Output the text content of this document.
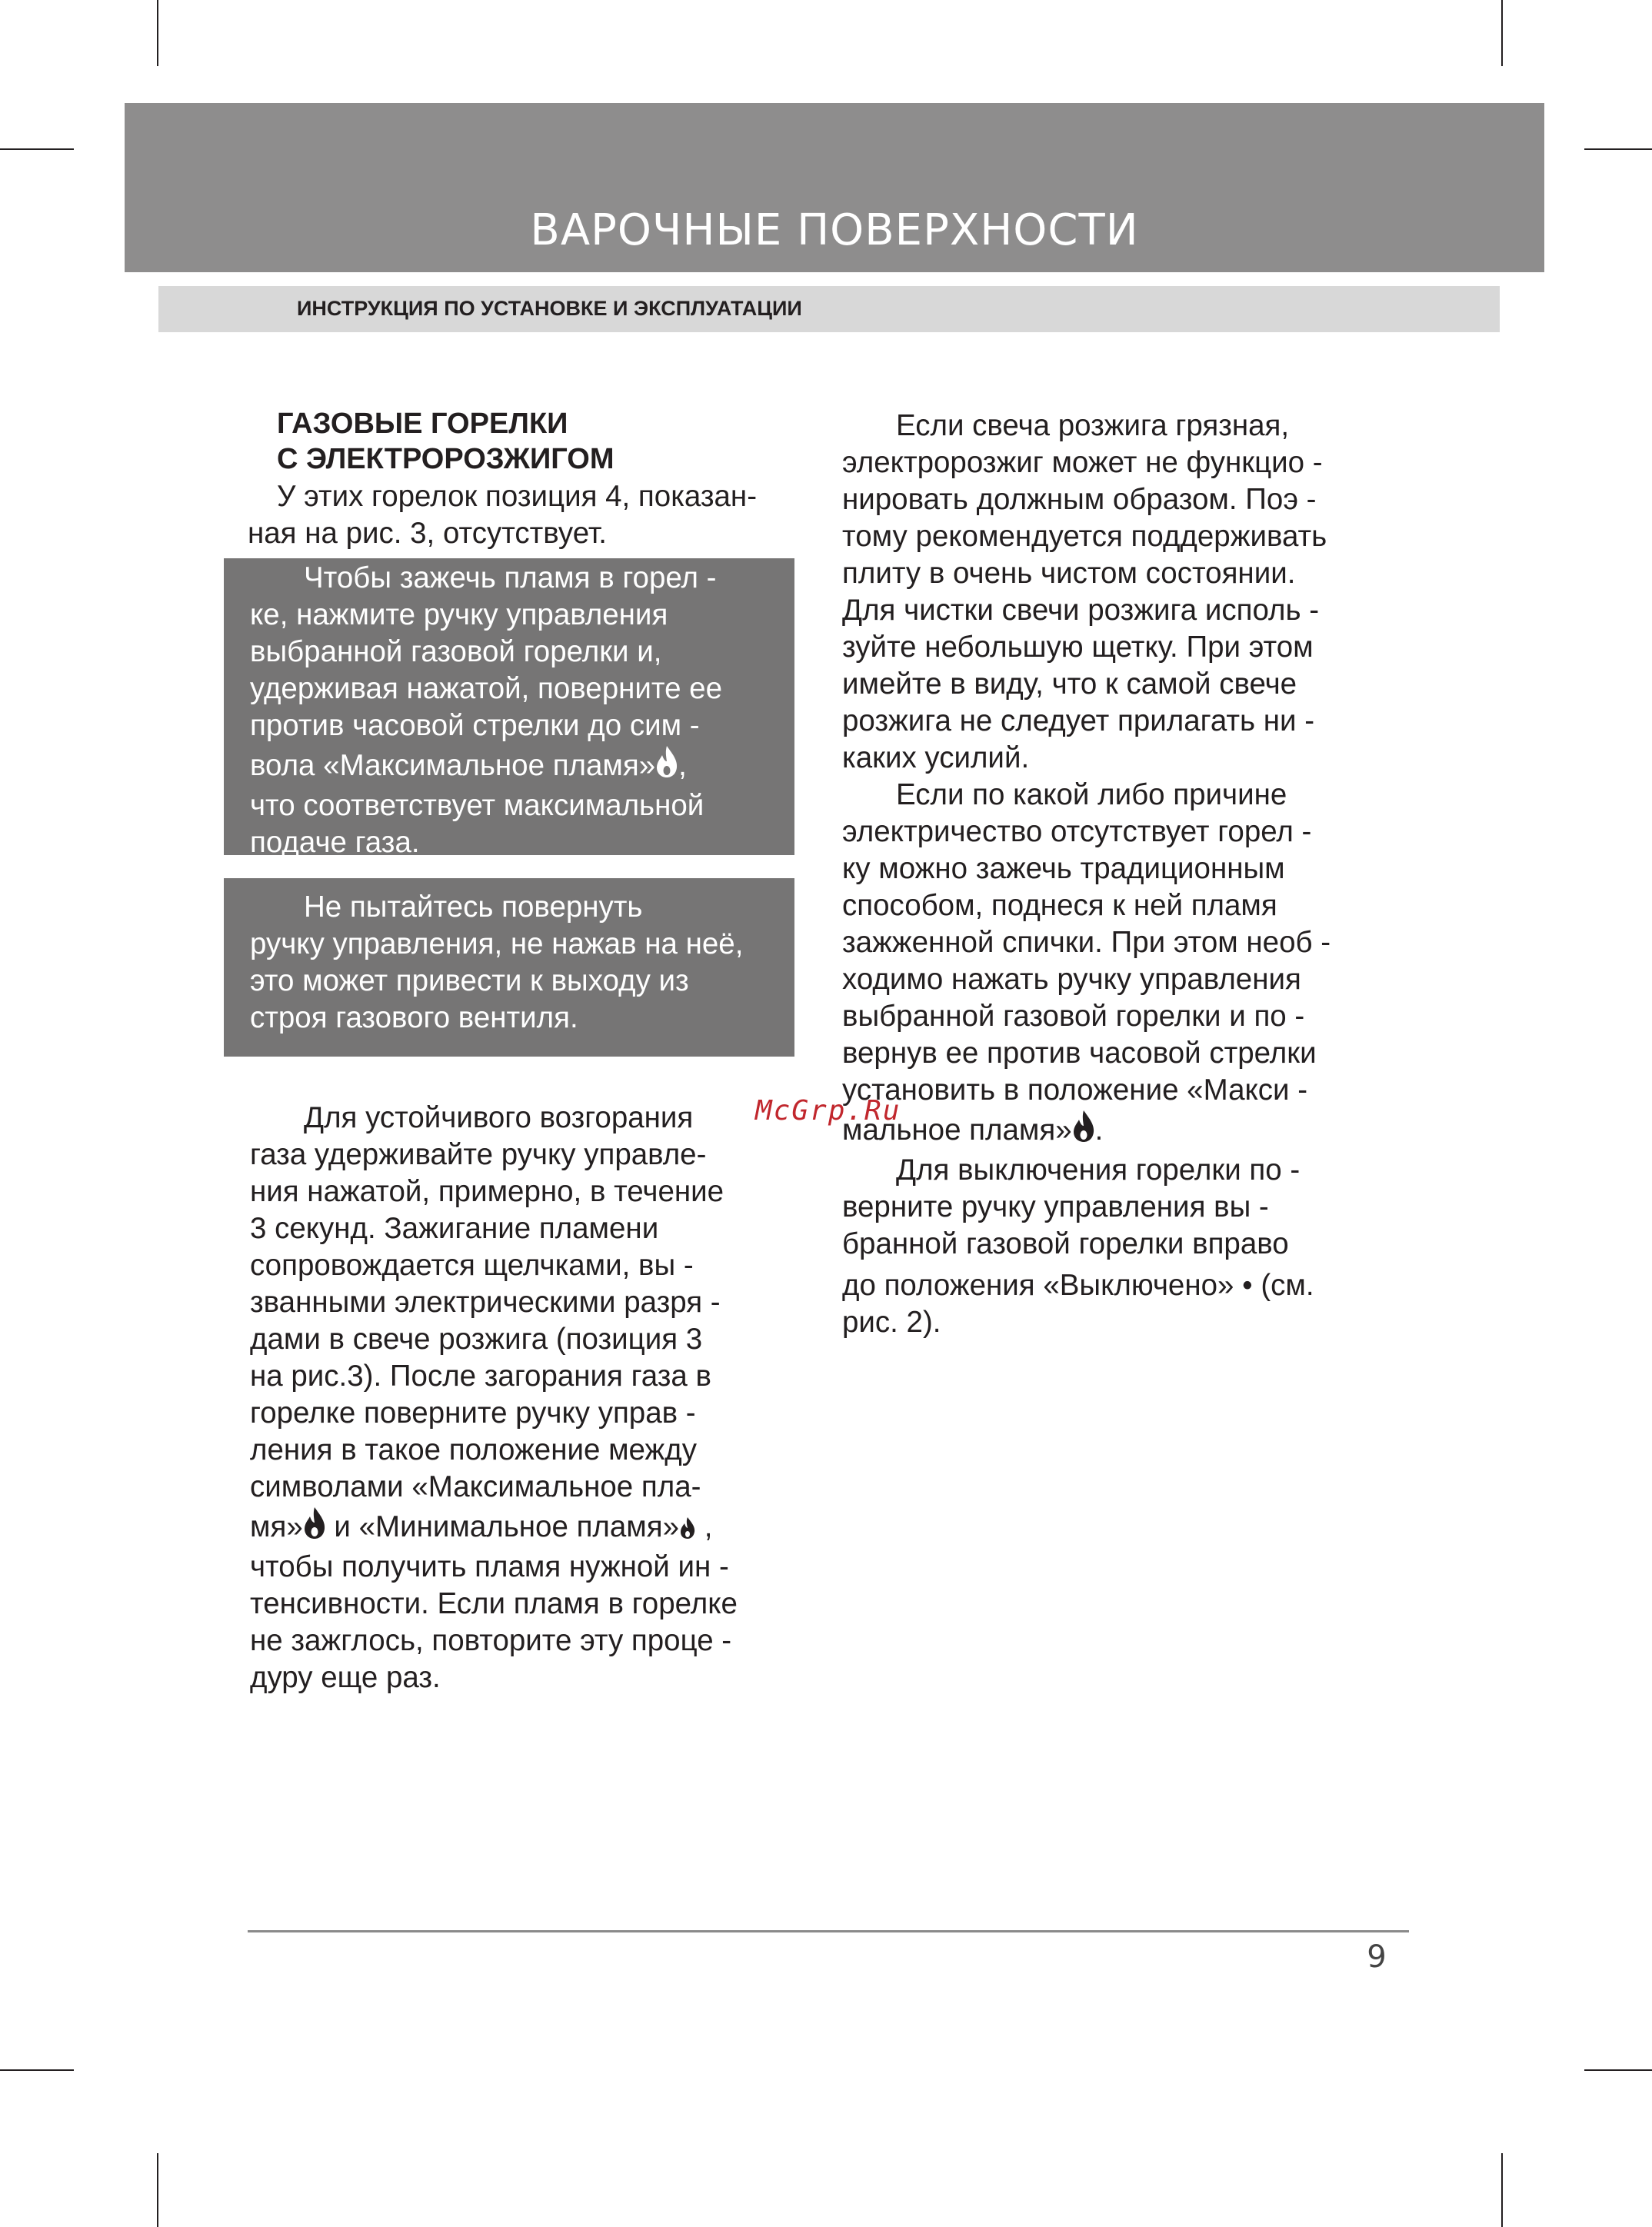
ВАРОЧНЫЕ ПОВЕРХНОСТИ
ИНСТРУКЦИЯ ПО УСТАНОВКЕ И ЭКСПЛУАТАЦИИ

ГАЗОВЫЕ ГОРЕЛКИ

С ЭЛЕКТРОРОЗЖИГОМ

У этих горелок позиция 4, показан-

ная на рис. 3, отсутствует.

Чтобы зажечь пламя в горел -

ке, нажмите ручку управления

выбранной газовой горелки и,

удерживая нажатой, поверните ее

против часовой стрелки до сим -

вола «Максимальное пламя» ,

что соответствует максимальной

подаче газа.

Не пытайтесь повернуть

ручку управления, не нажав на неё,

это может привести к выходу из

строя газового вентиля.

Для устойчивого возгорания

газа удерживайте ручку управле-

ния нажатой, примерно, в течение

3 секунд. Зажигание пламени

сопровождается щелчками, вы -

званными электрическими разря -

дами в свече розжига (позиция 3

на рис.3). После загорания газа в

горелке поверните ручку управ -

ления в такое положение между

символами «Максимальное пла-

мя» и «Минимальное пламя» ,

чтобы получить пламя нужной ин -

тенсивности. Если пламя в горелке

не зажглось, повторите эту проце -

дуру еще раз.

Если свеча розжига грязная,

электророзжиг может не функцио -

нировать должным образом. Поэ -

тому рекомендуется поддерживать

плиту в очень чистом состоянии.

Для чистки свечи розжига исполь -

зуйте небольшую щетку. При этом

имейте в виду, что к самой свече

розжига не следует прилагать ни -

каких усилий.

Если по какой либо причине

электричество отсутствует горел -

ку можно зажечь традиционным

способом, поднеся к ней пламя

зажженной спички. При этом необ -

ходимо нажать ручку управления

выбранной газовой горелки и по -

вернув ее против часовой стрелки

установить в положение «Макси -

мальное пламя» .

Для выключения горелки по -

верните ручку управления вы -

бранной газовой горелки вправо

до положения «Выключено» • (см.

рис. 2).

McGrp.Ru
9
